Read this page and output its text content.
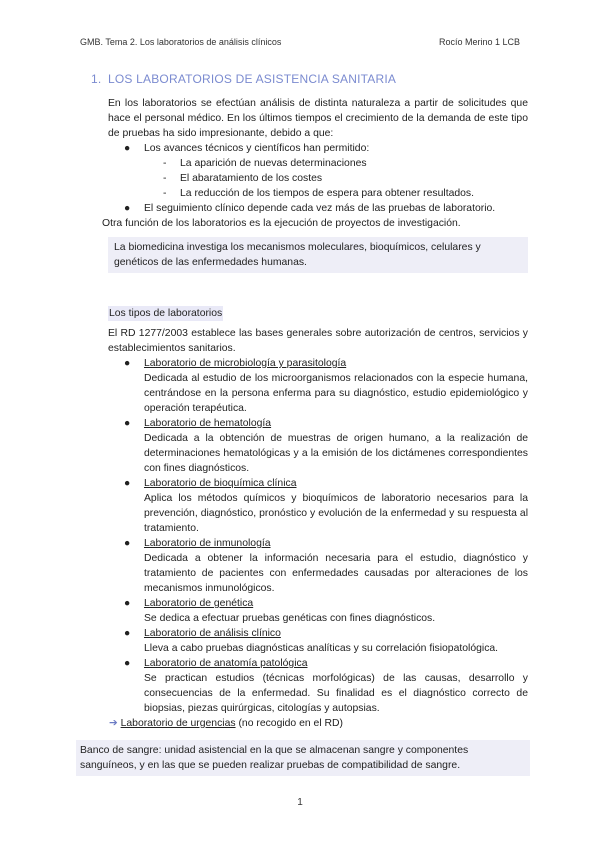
GMB. Tema 2. Los laboratorios de análisis clínicos	Rocío Merino 1 LCB
1. LOS LABORATORIOS DE ASISTENCIA SANITARIA

En los laboratorios se efectúan análisis de distinta naturaleza a partir de solicitudes que hace el personal médico. En los últimos tiempos el crecimiento de la demanda de este tipo de pruebas ha sido impresionante, debido a que:

● Los avances técnicos y científicos han permitido:
- La aparición de nuevas determinaciones
- El abaratamiento de los costes
- La reducción de los tiempos de espera para obtener resultados.
● El seguimiento clínico depende cada vez más de las pruebas de laboratorio.

Otra función de los laboratorios es la ejecución de proyectos de investigación.

La biomedicina investiga los mecanismos moleculares, bioquímicos, celulares y genéticos de las enfermedades humanas.
Los tipos de laboratorios

El RD 1277/2003 establece las bases generales sobre autorización de centros, servicios y establecimientos sanitarios.

● Laboratorio de microbiología y parasitología
Dedicada al estudio de los microorganismos relacionados con la especie humana, centrándose en la persona enferma para su diagnóstico, estudio epidemiológico y operación terapéutica.
● Laboratorio de hematología
Dedicada a la obtención de muestras de origen humano, a la realización de determinaciones hematológicas y a la emisión de los dictámenes correspondientes con fines diagnósticos.
● Laboratorio de bioquímica clínica
Aplica los métodos químicos y bioquímicos de laboratorio necesarios para la prevención, diagnóstico, pronóstico y evolución de la enfermedad y su respuesta al tratamiento.
● Laboratorio de inmunología
Dedicada a obtener la información necesaria para el estudio, diagnóstico y tratamiento de pacientes con enfermedades causadas por alteraciones de los mecanismos inmunológicos.
● Laboratorio de genética
Se dedica a efectuar pruebas genéticas con fines diagnósticos.
● Laboratorio de análisis clínico
Lleva a cabo pruebas diagnósticas analíticas y su correlación fisiopatológica.
● Laboratorio de anatomía patológica
Se practican estudios (técnicas morfológicas) de las causas, desarrollo y consecuencias de la enfermedad. Su finalidad es el diagnóstico correcto de biopsias, piezas quirúrgicas, citologías y autopsias.
➔ Laboratorio de urgencias (no recogido en el RD)
Banco de sangre: unidad asistencial en la que se almacenan sangre y componentes sanguíneos, y en las que se pueden realizar pruebas de compatibilidad de sangre.
1
